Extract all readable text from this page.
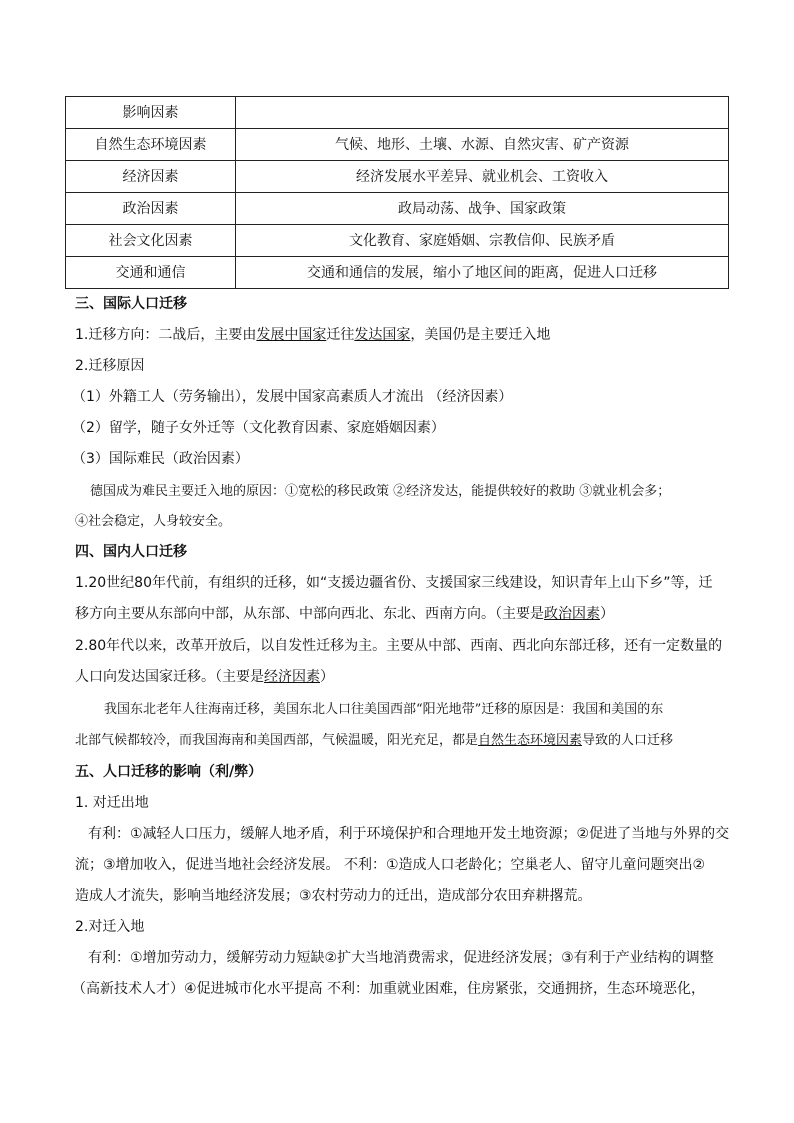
影响因素	
自然生态环境因素	气候、地形、土壤、水源、自然灾害、矿产资源
经济因素	经济发展水平差异、就业机会、工资收入
政治因素	政局动荡、战争、国家政策
社会文化因素	文化教育、家庭婚姻、宗教信仰、民族矛盾
交通和通信	交通和通信的发展，缩小了地区间的距离，促进人口迁移
三、国际人口迁移
1.迁移方向：二战后，主要由发展中国家迁往发达国家，美国仍是主要迁入地
2.迁移原因
（1）外籍工人（劳务输出），发展中国家高素质人才流出 （经济因素）
（2）留学，随子女外迁等（文化教育因素、家庭婚姻因素）
（3）国际难民（政治因素）
德国成为难民主要迁入地的原因：①宽松的移民政策 ②经济发达，能提供较好的救助 ③就业机会多；
④社会稳定，人身较安全。
四、国内人口迁移
1.20世纪80年代前，有组织的迁移，如“支援边疆省份、支援国家三线建设，知识青年上山下乡”等，迁
移方向主要从东部向中部，从东部、中部向西北、东北、西南方向。（主要是政治因素）
2.80年代以来，改革开放后，以自发性迁移为主。主要从中部、西南、西北向东部迁移，还有一定数量的
人口向发达国家迁移。（主要是经济因素）
我国东北老年人往海南迁移，美国东北人口往美国西部“阳光地带”迁移的原因是：我国和美国的东
北部气候都较冷，而我国海南和美国西部，气候温暖，阳光充足，都是自然生态环境因素导致的人口迁移
五、人口迁移的影响（利/弊）
1. 对迁出地
有利：①减轻人口压力，缓解人地矛盾，利于环境保护和合理地开发土地资源；②促进了当地与外界的交
流；③增加收入，促进当地社会经济发展。 不利：①造成人口老龄化；空巢老人、留守儿童问题突出②
造成人才流失，影响当地经济发展；③农村劳动力的迁出，造成部分农田弃耕撂荒。
2.对迁入地
有利：①增加劳动力，缓解劳动力短缺②扩大当地消费需求，促进经济发展；③有利于产业结构的调整
（高新技术人才）④促进城市化水平提高 不利：加重就业困难，住房紧张，交通拥挤，生态环境恶化，
